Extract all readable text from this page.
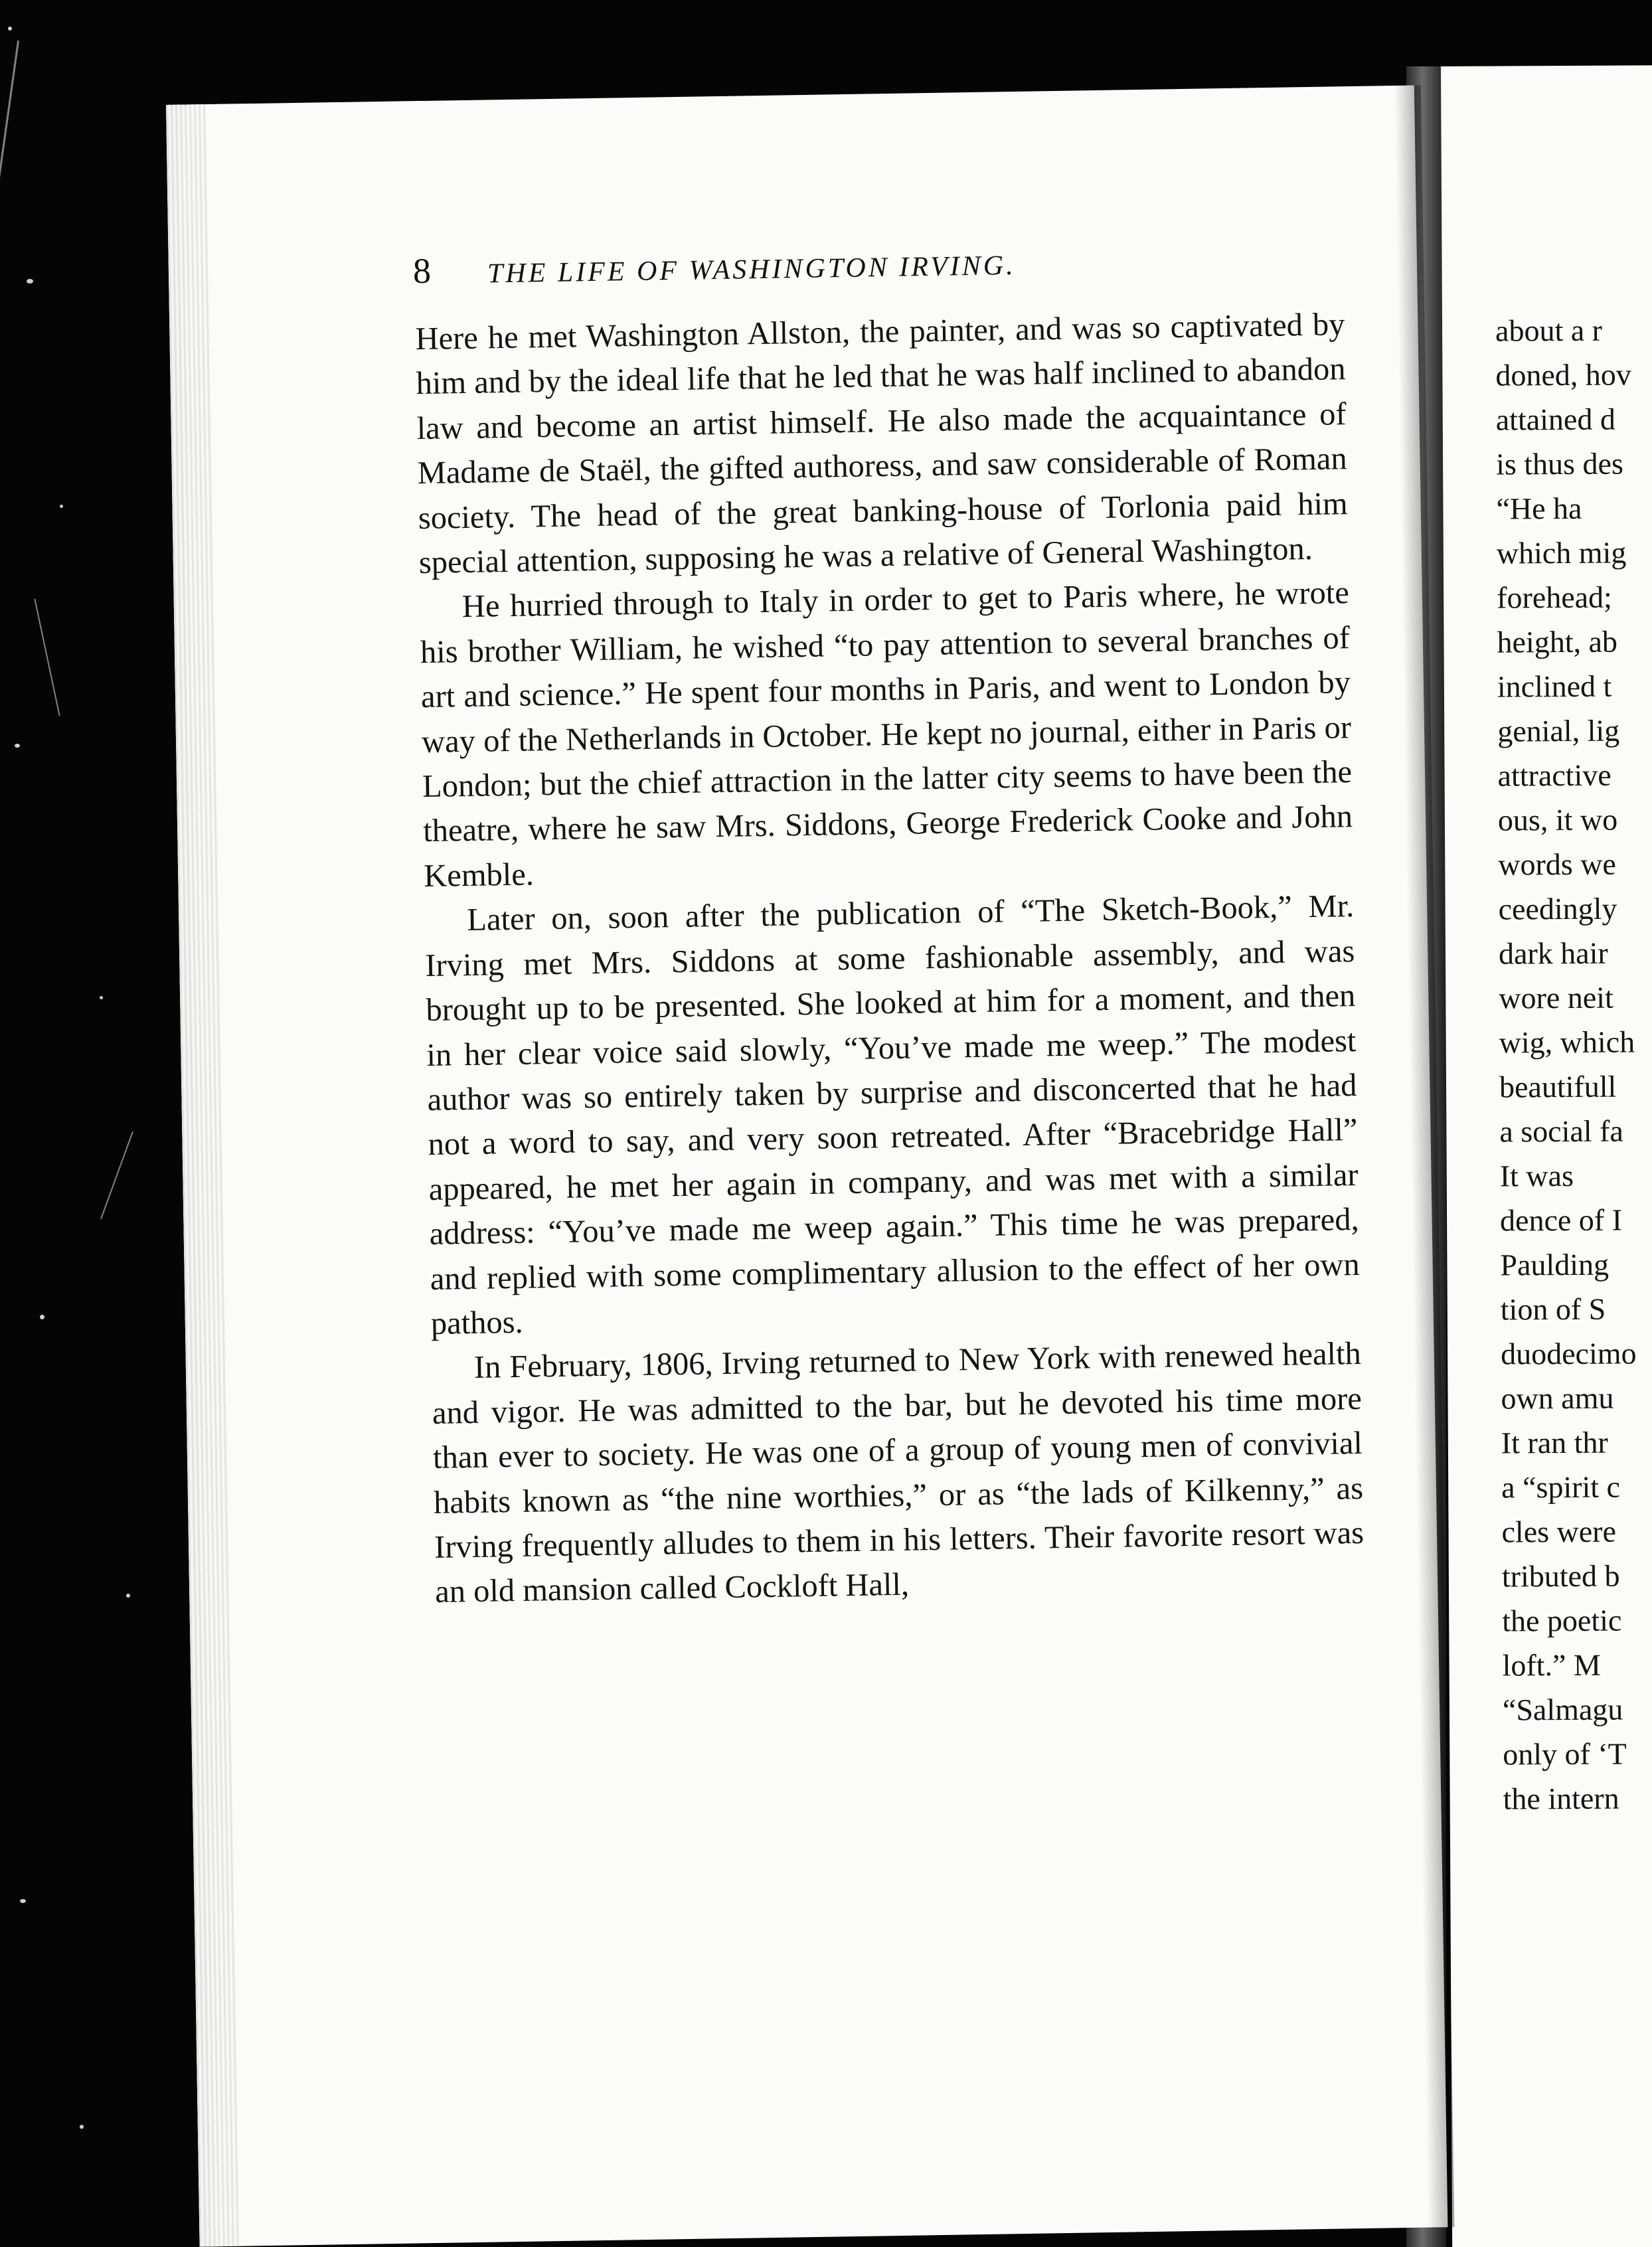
about a r
doned, hov
attained d
is thus des
“He ha
which mig
forehead;
height, ab
inclined t
genial, lig
attractive
ous, it wo
words we
ceedingly
dark hair
wore neit
wig, which
beautifull
a social fa
It was
dence of I
Paulding
tion of S
duodecimo
own amu
It ran thr
a “spirit c
cles were
tributed b
the poetic
loft.” M
“Salmagu
only of ‘T
the intern
8 THE LIFE OF WASHINGTON IRVING.

Here he met Washington Allston, the painter, and was so captivated by him and by the ideal life that he led that he was half inclined to abandon law and become an artist himself. He also made the acquaintance of Madame de Staël, the gifted authoress, and saw considerable of Roman society. The head of the great banking-house of Torlonia paid him special attention, supposing he was a relative of General Washington.

He hurried through to Italy in order to get to Paris where, he wrote his brother William, he wished “to pay attention to several branches of art and science.” He spent four months in Paris, and went to London by way of the Netherlands in October. He kept no journal, either in Paris or London; but the chief attraction in the latter city seems to have been the theatre, where he saw Mrs. Siddons, George Frederick Cooke and John Kemble.

Later on, soon after the publication of “The Sketch-Book,” Mr. Irving met Mrs. Siddons at some fashionable assembly, and was brought up to be presented. She looked at him for a moment, and then in her clear voice said slowly, “You’ve made me weep.” The modest author was so entirely taken by surprise and disconcerted that he had not a word to say, and very soon retreated. After “Bracebridge Hall” appeared, he met her again in company, and was met with a similar address: “You’ve made me weep again.” This time he was prepared, and replied with some complimentary allusion to the effect of her own pathos.

In February, 1806, Irving returned to New York with renewed health and vigor. He was admitted to the bar, but he devoted his time more than ever to society. He was one of a group of young men of convivial habits known as “the nine worthies,” or as “the lads of Kilkenny,” as Irving frequently alludes to them in his letters. Their favorite resort was an old mansion called Cockloft Hall,
